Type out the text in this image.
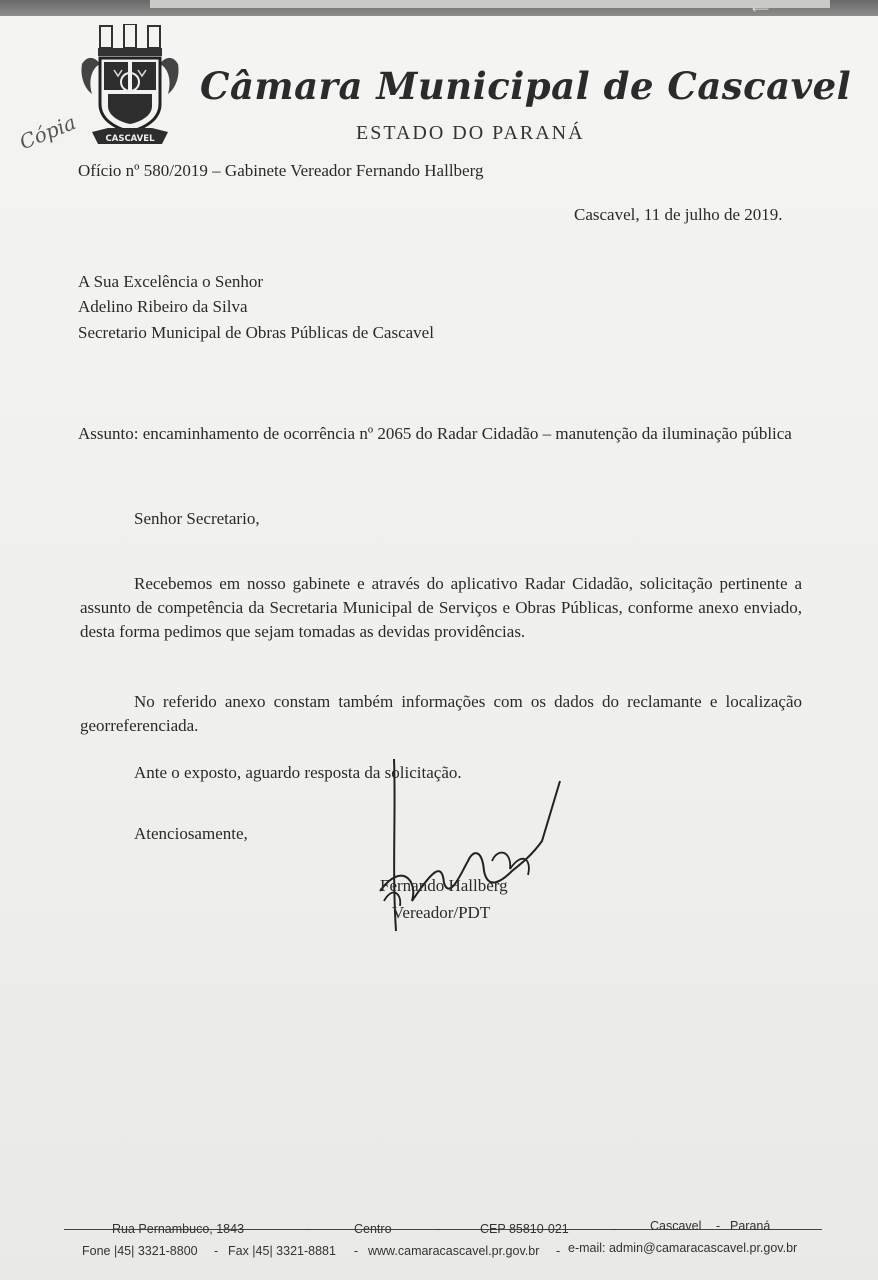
⟵
CASCAVEL
Cópia
Câmara Municipal de Cascavel
ESTADO DO PARANÁ
Ofício nº 580/2019 – Gabinete Vereador Fernando Hallberg
Cascavel, 11 de julho de 2019.
A Sua Excelência o Senhor
Adelino Ribeiro da Silva
Secretario Municipal de Obras Públicas de Cascavel
Assunto: encaminhamento de ocorrência nº 2065 do Radar Cidadão – manutenção da iluminação pública
Senhor Secretario,
Recebemos em nosso gabinete e através do aplicativo Radar Cidadão, solicitação pertinente a assunto de competência da Secretaria Municipal de Serviços e Obras Públicas, conforme anexo enviado, desta forma pedimos que sejam tomadas as devidas providências.
No referido anexo constam também informações com os dados do reclamante e localização georreferenciada.
Ante o exposto, aguardo resposta da solicitação.
Atenciosamente,
Fernando Hallberg
Vereador/PDT
Rua Pernambuco, 1843	-	Centro	-	CEP 85810-021	-	Cascavel - Paraná
Fone |45| 3321-8800 - Fax |45| 3321-8881 - www.camaracascavel.pr.gov.br - e-mail: admin@camaracascavel.pr.gov.br
